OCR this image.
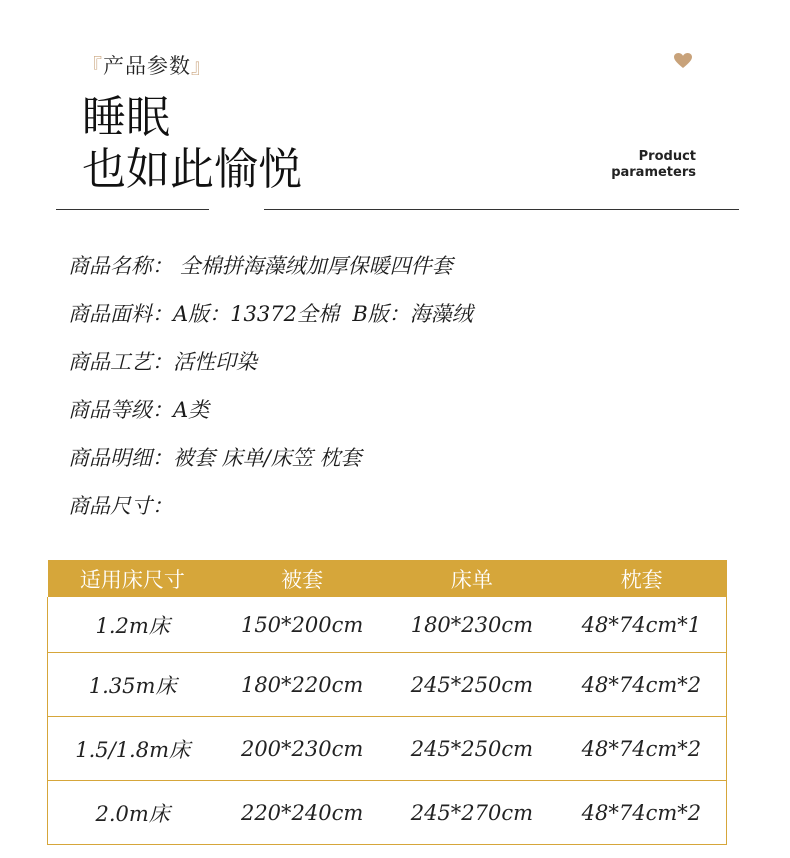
『产品参数』
睡眠
也如此愉悦	Product
parameters
商品名称： 全棉拼海藻绒加厚保暖四件套
商品面料：A版：13372全棉  B版：海藻绒
商品工艺：活性印染
商品等级：A类
商品明细：被套 床单/床笠 枕套
商品尺寸：
适用床尺寸	被套	床单	枕套
1.2m床	150*200cm	180*230cm	48*74cm*1
1.35m床	180*220cm	245*250cm	48*74cm*2
1.5/1.8m床	200*230cm	245*250cm	48*74cm*2
2.0m床	220*240cm	245*270cm	48*74cm*2
